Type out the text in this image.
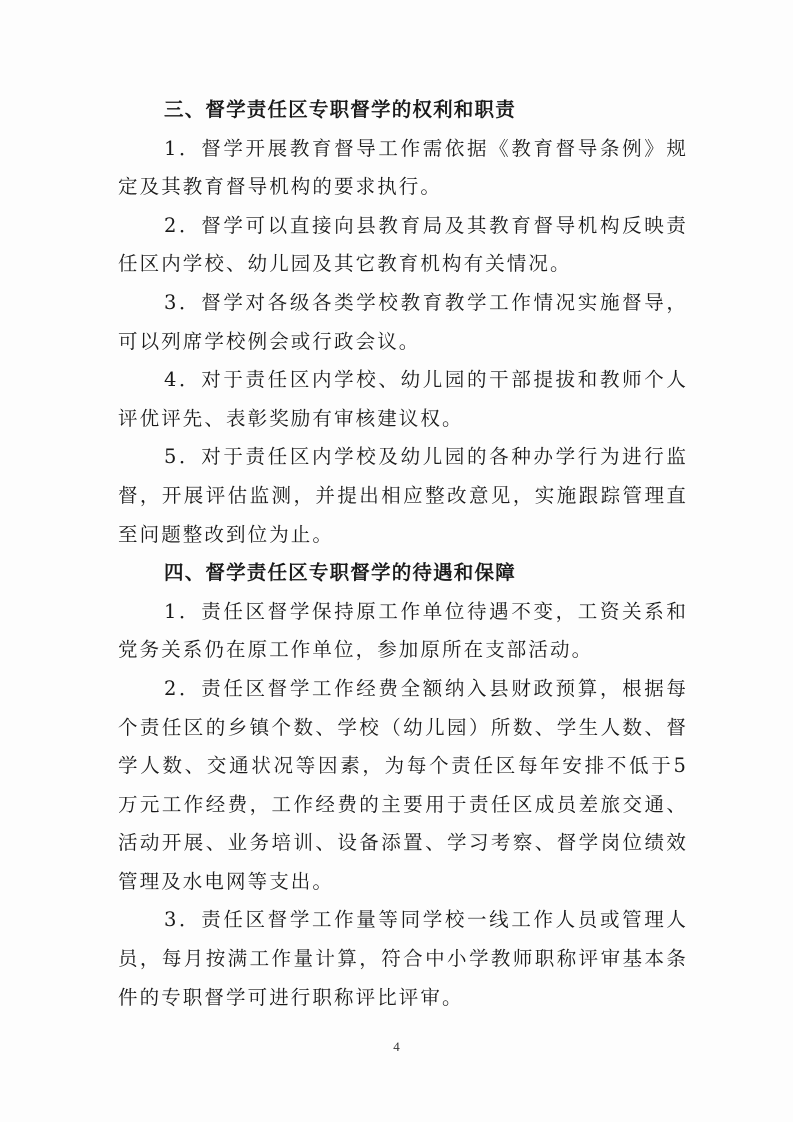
三、督学责任区专职督学的权利和职责

1．督学开展教育督导工作需依据《教育督导条例》规定及其教育督导机构的要求执行。

2．督学可以直接向县教育局及其教育督导机构反映责任区内学校、幼儿园及其它教育机构有关情况。

3．督学对各级各类学校教育教学工作情况实施督导，可以列席学校例会或行政会议。

4．对于责任区内学校、幼儿园的干部提拔和教师个人评优评先、表彰奖励有审核建议权。

5．对于责任区内学校及幼儿园的各种办学行为进行监督，开展评估监测，并提出相应整改意见，实施跟踪管理直至问题整改到位为止。

四、督学责任区专职督学的待遇和保障

1．责任区督学保持原工作单位待遇不变，工资关系和党务关系仍在原工作单位，参加原所在支部活动。

2．责任区督学工作经费全额纳入县财政预算，根据每个责任区的乡镇个数、学校（幼儿园）所数、学生人数、督学人数、交通状况等因素，为每个责任区每年安排不低于5万元工作经费，工作经费的主要用于责任区成员差旅交通、活动开展、业务培训、设备添置、学习考察、督学岗位绩效管理及水电网等支出。

3．责任区督学工作量等同学校一线工作人员或管理人员，每月按满工作量计算，符合中小学教师职称评审基本条件的专职督学可进行职称评比评审。

4
